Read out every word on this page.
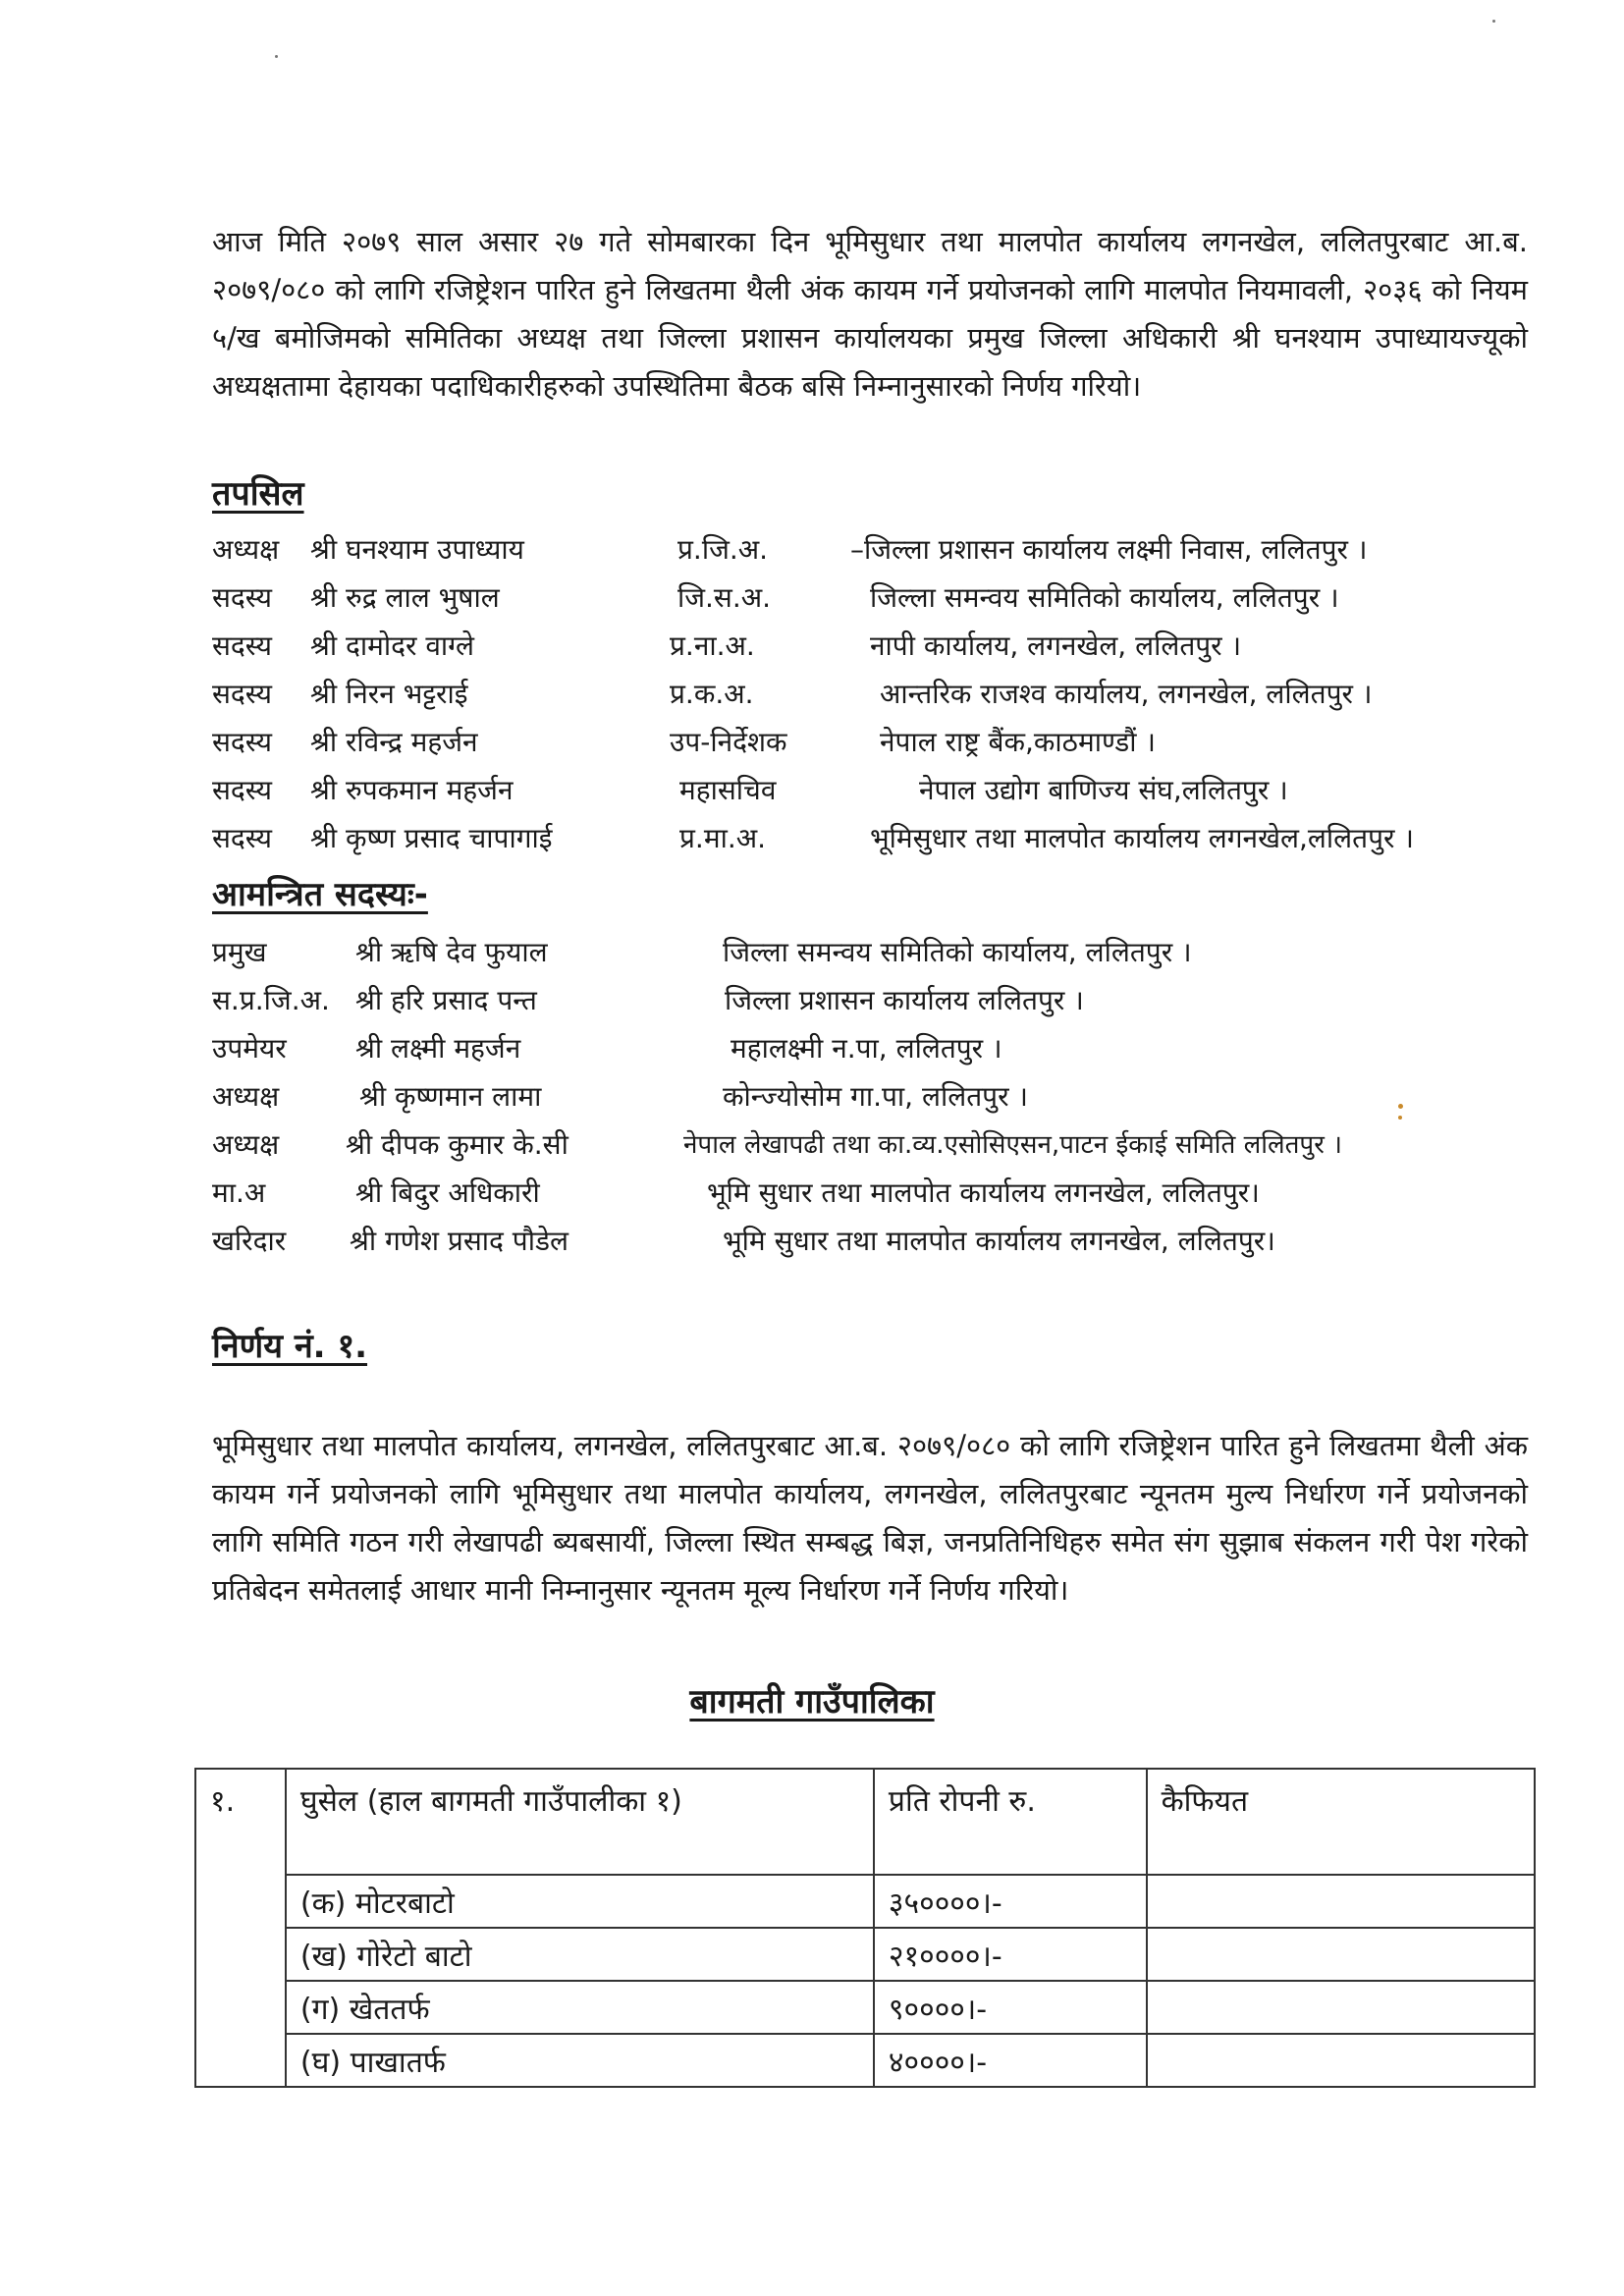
आज मिति २०७९ साल असार २७ गते सोमबारका दिन भूमिसुधार तथा मालपोत कार्यालय लगनखेल, ललितपुरबाट आ.ब. २०७९/०८० को लागि रजिष्ट्रेशन पारित हुने लिखतमा थैली अंक कायम गर्ने प्रयोजनको लागि मालपोत नियमावली, २०३६ को नियम ५/ख बमोजिमको समितिका अध्यक्ष तथा जिल्ला प्रशासन कार्यालयका प्रमुख जिल्ला अधिकारी श्री घनश्याम उपाध्यायज्यूको अध्यक्षतामा देहायका पदाधिकारीहरुको उपस्थितिमा बैठक बसि निम्नानुसारको निर्णय गरियो।

तपसिल
अध्यक्ष श्री घनश्याम उपाध्याय	प्र.जि.अ.	–जिल्ला प्रशासन कार्यालय लक्ष्मी निवास, ललितपुर ।
सदस्य श्री रुद्र लाल भुषाल	जि.स.अ.	जिल्ला समन्वय समितिको कार्यालय, ललितपुर ।
सदस्य श्री दामोदर वाग्ले	प्र.ना.अ.	नापी कार्यालय, लगनखेल, ललितपुर ।
सदस्य श्री निरन भट्टराई	प्र.क.अ.	आन्तरिक राजश्व कार्यालय, लगनखेल, ललितपुर ।
सदस्य श्री रविन्द्र महर्जन	उप-निर्देशक	नेपाल राष्ट्र बैंक,काठमाण्डौं ।
सदस्य श्री रुपकमान महर्जन	महासचिव	नेपाल उद्योग बाणिज्य संघ,ललितपुर ।
सदस्य श्री कृष्ण प्रसाद चापागाई	प्र.मा.अ.	भूमिसुधार तथा मालपोत कार्यालय लगनखेल,ललितपुर ।
आमन्त्रित सदस्यः-
प्रमुख	श्री ऋषि देव फुयाल	जिल्ला समन्वय समितिको कार्यालय, ललितपुर ।
स.प्र.जि.अ. श्री हरि प्रसाद पन्त	जिल्ला प्रशासन कार्यालय ललितपुर ।
उपमेयर	श्री लक्ष्मी महर्जन	महालक्ष्मी न.पा, ललितपुर ।
अध्यक्ष	श्री कृष्णमान लामा	कोन्ज्योसोम गा.पा, ललितपुर ।
अध्यक्ष श्री दीपक कुमार के.सी	नेपाल लेखापढी तथा का.व्य.एसोसिएसन,पाटन ईकाई समिति ललितपुर ।
मा.अ	श्री बिदुर अधिकारी	भूमि सुधार तथा मालपोत कार्यालय लगनखेल, ललितपुर।
खरिदार श्री गणेश प्रसाद पौडेल	भूमि सुधार तथा मालपोत कार्यालय लगनखेल, ललितपुर।
निर्णय नं. १.

भूमिसुधार तथा मालपोत कार्यालय, लगनखेल, ललितपुरबाट आ.ब. २०७९/०८० को लागि रजिष्ट्रेशन पारित हुने लिखतमा थैली अंक कायम गर्ने प्रयोजनको लागि भूमिसुधार तथा मालपोत कार्यालय, लगनखेल, ललितपुरबाट न्यूनतम मुल्य निर्धारण गर्ने प्रयोजनको लागि समिति गठन गरी लेखापढी ब्यबसायीं, जिल्ला स्थित सम्बद्ध बिज्ञ, जनप्रतिनिधिहरु समेत संग सुझाब संकलन गरी पेश गरेको प्रतिबेदन समेतलाई आधार मानी निम्नानुसार न्यूनतम मूल्य निर्धारण गर्ने निर्णय गरियो।

बागमती गाउँपालिका
१.	घुसेल (हाल बागमती गाउँपालीका १)	प्रति रोपनी रु.	कैफियत
	(क) मोटरबाटो	३५००००।-	
	(ख) गोरेटो बाटो	२१००००।-	
	(ग) खेततर्फ	९००००।-	
	(घ) पाखातर्फ	४००००।-	
